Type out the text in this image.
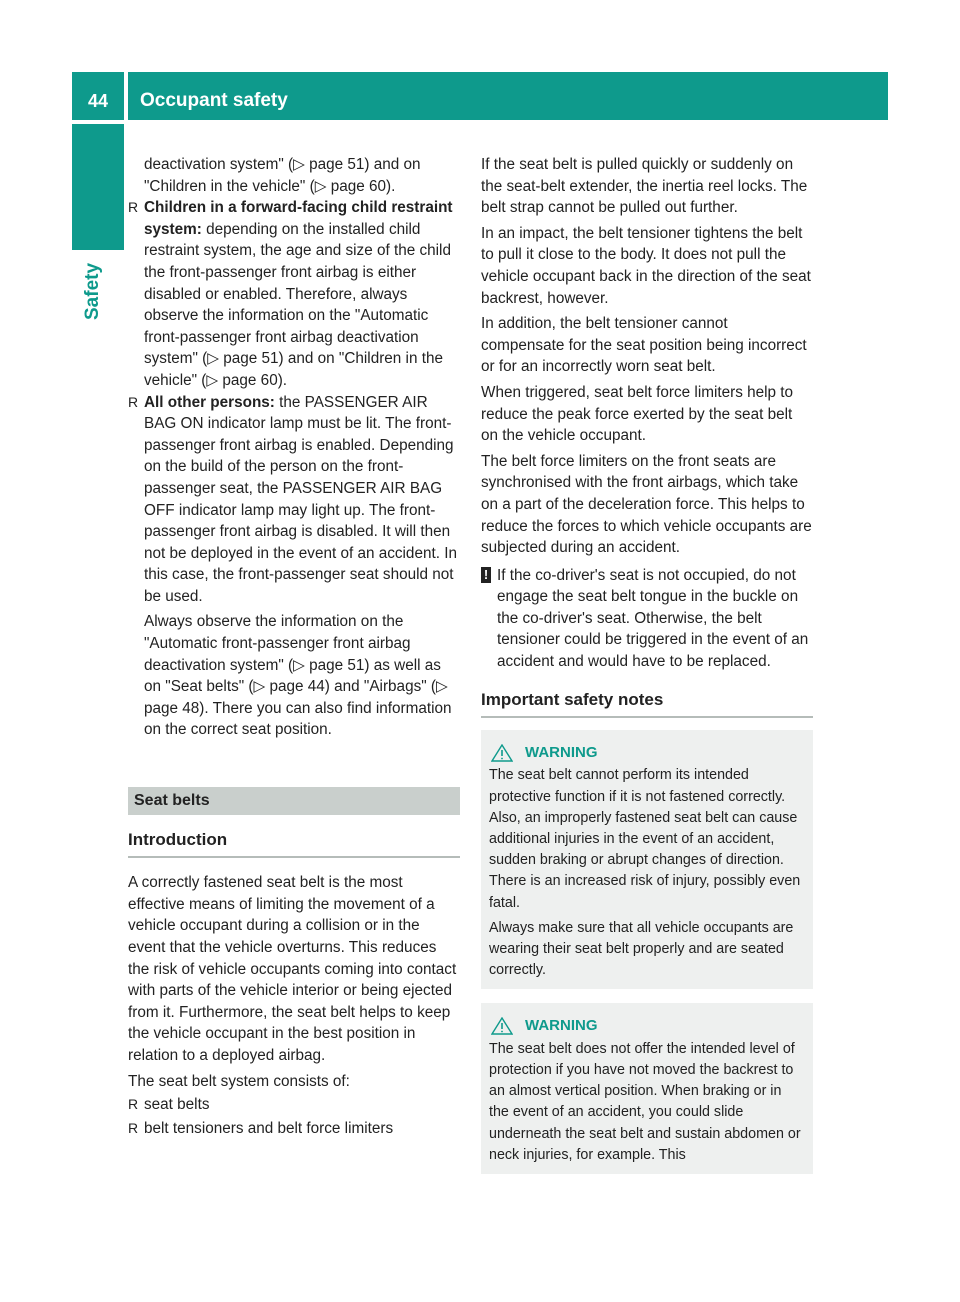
44	Occupant safety
Safety
deactivation system" (▷ page 51) and on
"Children in the vehicle" (▷ page 60).
R Children in a forward-facing child restraint system: depending on the installed child restraint system, the age and size of the child the front-passenger front airbag is either disabled or enabled. Therefore, always observe the information on the "Automatic front-passenger front airbag deactivation system" (▷ page 51) and on "Children in the vehicle" (▷ page 60).
R All other persons: the PASSENGER AIR BAG ON indicator lamp must be lit. The front-passenger front airbag is enabled. Depending on the build of the person on the front-passenger seat, the PASSENGER AIR BAG OFF indicator lamp may light up. The front-passenger front airbag is disabled. It will then not be deployed in the event of an accident. In this case, the front-passenger seat should not be used.

Always observe the information on the "Automatic front-passenger front airbag deactivation system" (▷ page 51) as well as on "Seat belts" (▷ page 44) and "Airbags" (▷ page 48). There you can also find information on the correct seat position.

Seat belts
Introduction

A correctly fastened seat belt is the most effective means of limiting the movement of a vehicle occupant during a collision or in the event that the vehicle overturns. This reduces the risk of vehicle occupants coming into contact with parts of the vehicle interior or being ejected from it. Furthermore, the seat belt helps to keep the vehicle occupant in the best position in relation to a deployed airbag.

The seat belt system consists of:

R seat belts
R belt tensioners and belt force limiters

If the seat belt is pulled quickly or suddenly on the seat-belt extender, the inertia reel locks. The belt strap cannot be pulled out further.

In an impact, the belt tensioner tightens the belt to pull it close to the body. It does not pull the vehicle occupant back in the direction of the seat backrest, however.

In addition, the belt tensioner cannot compensate for the seat position being incorrect or for an incorrectly worn seat belt.

When triggered, seat belt force limiters help to reduce the peak force exerted by the seat belt on the vehicle occupant.

The belt force limiters on the front seats are synchronised with the front airbags, which take on a part of the deceleration force. This helps to reduce the forces to which vehicle occupants are subjected during an accident.

! If the co-driver's seat is not occupied, do not engage the seat belt tongue in the buckle on the co-driver's seat. Otherwise, the belt tensioner could be triggered in the event of an accident and would have to be replaced.
Important safety notes
WARNING

The seat belt cannot perform its intended protective function if it is not fastened correctly. Also, an improperly fastened seat belt can cause additional injuries in the event of an accident, sudden braking or abrupt changes of direction. There is an increased risk of injury, possibly even fatal.

Always make sure that all vehicle occupants are wearing their seat belt properly and are seated correctly.

WARNING

The seat belt does not offer the intended level of protection if you have not moved the backrest to an almost vertical position. When braking or in the event of an accident, you could slide underneath the seat belt and sustain abdomen or neck injuries, for example. This
